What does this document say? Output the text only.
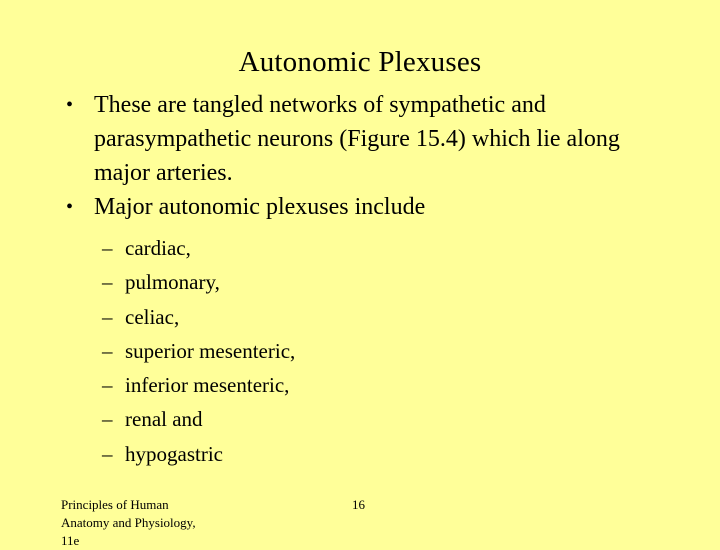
Autonomic Plexuses
• These are tangled networks of sympathetic and parasympathetic neurons (Figure 15.4) which lie along major arteries.
• Major autonomic plexuses include
– cardiac,
– pulmonary,
– celiac,
– superior mesenteric,
– inferior mesenteric,
– renal and
– hypogastric
Principles of Human Anatomy and Physiology, 11e
16
